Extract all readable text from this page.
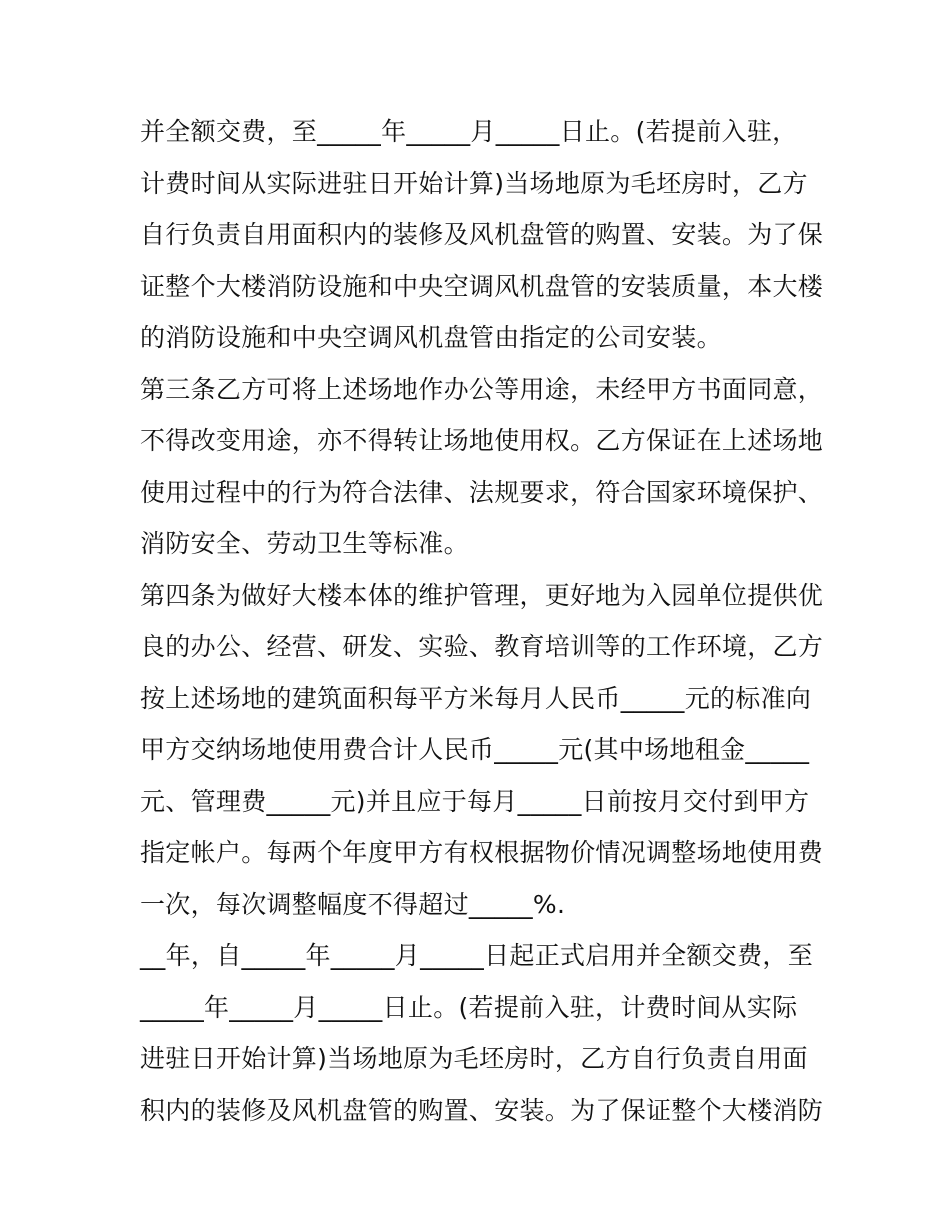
并全额交费，至_____年_____月_____日止。(若提前入驻，
计费时间从实际进驻日开始计算)当场地原为毛坯房时，乙方
自行负责自用面积内的装修及风机盘管的购置、安装。为了保
证整个大楼消防设施和中央空调风机盘管的安装质量，本大楼
的消防设施和中央空调风机盘管由指定的公司安装。
第三条乙方可将上述场地作办公等用途，未经甲方书面同意，
不得改变用途，亦不得转让场地使用权。乙方保证在上述场地
使用过程中的行为符合法律、法规要求，符合国家环境保护、
消防安全、劳动卫生等标准。
第四条为做好大楼本体的维护管理，更好地为入园单位提供优
良的办公、经营、研发、实验、教育培训等的工作环境，乙方
按上述场地的建筑面积每平方米每月人民币_____元的标准向
甲方交纳场地使用费合计人民币_____元(其中场地租金_____
元、管理费_____元)并且应于每月_____日前按月交付到甲方
指定帐户。每两个年度甲方有权根据物价情况调整场地使用费
一次，每次调整幅度不得超过_____%.
__年，自_____年_____月_____日起正式启用并全额交费，至
_____年_____月_____日止。(若提前入驻，计费时间从实际
进驻日开始计算)当场地原为毛坯房时，乙方自行负责自用面
积内的装修及风机盘管的购置、安装。为了保证整个大楼消防
